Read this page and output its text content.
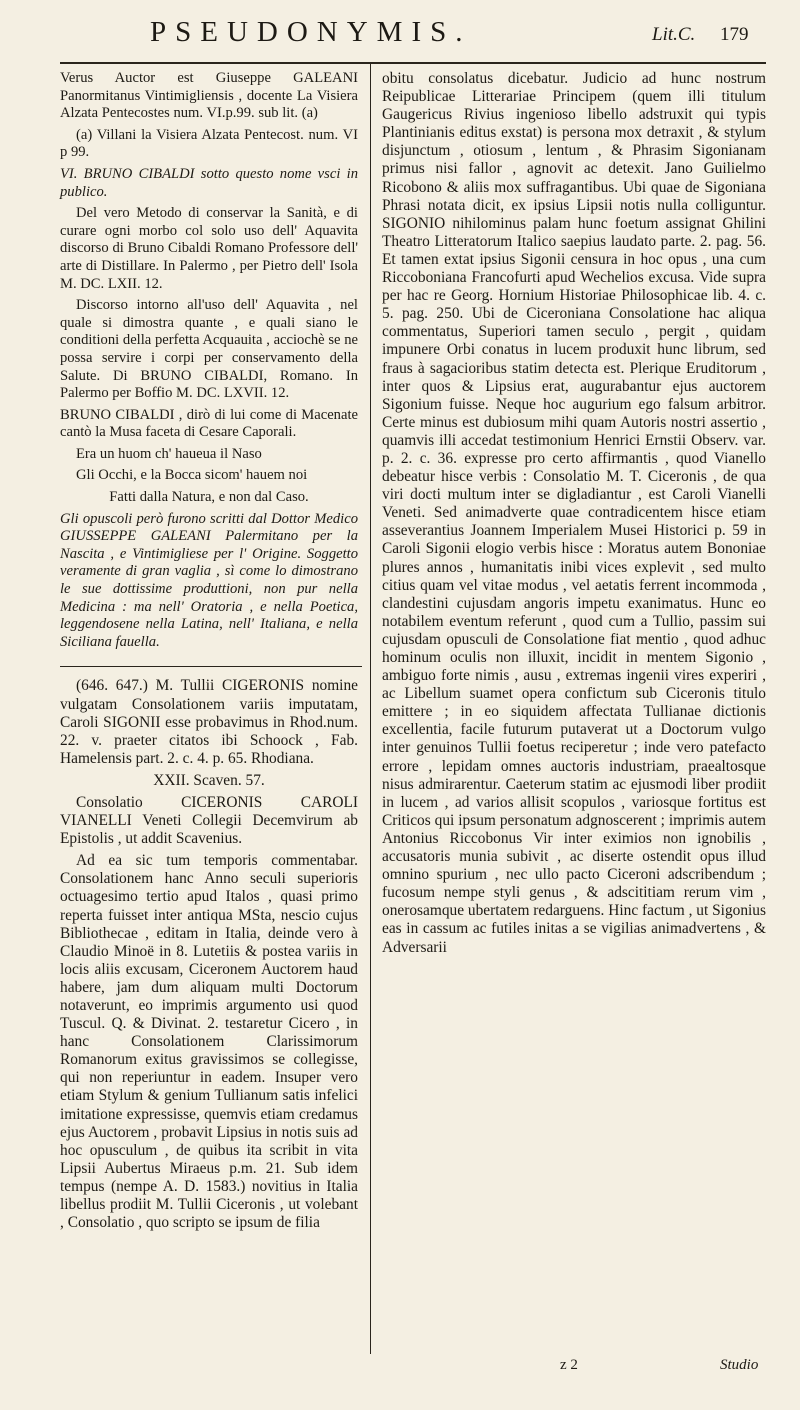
PSEUDONYMIS.	Lit.C. 179

Verus Auctor est Giuseppe GALEANI Panormitanus Vintimigliensis , docente La Visiera Alzata Pentecostes num. VI.p.99. sub lit. (a)

(a) Villani la Visiera Alzata Pentecost. num. VI p 99.

VI. BRUNO CIBALDI sotto questo nome vsci in publico.

Del vero Metodo di conservar la Sanità, e di curare ogni morbo col solo uso dell' Aquavita discorso di Bruno Cibaldi Romano Professore dell' arte di Distillare. In Palermo , per Pietro dell' Isola M. DC. LXII. 12.

Discorso intorno all'uso dell' Aquavita , nel quale si dimostra quante , e quali siano le conditioni della perfetta Acquauita , acciochè se ne possa servire i corpi per conservamento della Salute. Di BRUNO CIBALDI, Romano. In Palermo per Boffio M. DC. LXVII. 12.

BRUNO CIBALDI , dirò di lui come di Macenate cantò la Musa faceta di Cesare Caporali.

Era un huom ch' haueua il Naso

Gli Occhi, e la Bocca sicom' hauem noi

Fatti dalla Natura, e non dal Caso.

Gli opuscoli però furono scritti dal Dottor Medico GIUSSEPPE GALEANI Palermitano per la Nascita , e Vintimigliese per l' Origine. Soggetto veramente di gran vaglia , sì come lo dimostrano le sue dottissime produttioni, non pur nella Medicina : ma nell' Oratoria , e nella Poetica, leggendosene nella Latina, nell' Italiana, e nella Siciliana fauella.

(646. 647.) M. Tullii CIGERONIS nomine vulgatam Consolationem variis imputatam, Caroli SIGONII esse probavimus in Rhod.num. 22. v. praeter citatos ibi Schoock , Fab. Hamelensis part. 2. c. 4. p. 65. Rhodiana.

XXII. Scaven. 57.

Consolatio CICERONIS CAROLI VIANELLI Veneti Collegii Decemvirum ab Epistolis , ut addit Scavenius.

Ad ea sic tum temporis commentabar. Consolationem hanc Anno seculi superioris octuagesimo tertio apud Italos , quasi primo reperta fuisset inter antiqua MSta, nescio cujus Bibliothecae , editam in Italia, deinde vero à Claudio Minoë in 8. Lutetiis & postea variis in locis aliis excusam, Ciceronem Auctorem haud habere, jam dum aliquam multi Doctorum notaverunt, eo imprimis argumento usi quod Tuscul. Q. & Divinat. 2. testaretur Cicero , in hanc Consolationem Clarissimorum Romanorum exitus gravissimos se collegisse, qui non reperiuntur in eadem. Insuper vero etiam Stylum & genium Tullianum satis infelici imitatione expressisse, quemvis etiam credamus ejus Auctorem , probavit Lipsius in notis suis ad hoc opusculum , de quibus ita scribit in vita Lipsii Aubertus Miraeus p.m. 21. Sub idem tempus (nempe A. D. 1583.) novitius in Italia libellus prodiit M. Tullii Ciceronis , ut volebant , Consolatio , quo scripto se ipsum de filia

obitu consolatus dicebatur. Judicio ad hunc nostrum Reipublicae Litterariae Principem (quem illi titulum Gaugericus Rivius ingenioso libello adstruxit qui typis Plantinianis editus exstat) is persona mox detraxit , & stylum disjunctum , otiosum , lentum , & Phrasim Sigonianam primus nisi fallor , agnovit ac detexit. Jano Guilielmo Ricobono & aliis mox suffragantibus. Ubi quae de Sigoniana Phrasi notata dicit, ex ipsius Lipsii notis nulla colliguntur. SIGONIO nihilominus palam hunc foetum assignat Ghilini Theatro Litteratorum Italico saepius laudato parte. 2. pag. 56. Et tamen extat ipsius Sigonii censura in hoc opus , una cum Riccoboniana Francofurti apud Wechelios excusa. Vide supra per hac re Georg. Hornium Historiae Philosophicae lib. 4. c. 5. pag. 250. Ubi de Ciceroniana Consolatione hac aliqua commentatus, Superiori tamen seculo , pergit , quidam impunere Orbi conatus in lucem produxit hunc librum, sed fraus à sagacioribus statim detecta est. Plerique Eruditorum , inter quos & Lipsius erat, augurabantur ejus auctorem Sigonium fuisse. Neque hoc augurium ego falsum arbitror. Certe minus est dubiosum mihi quam Autoris nostri assertio , quamvis illi accedat testimonium Henrici Ernstii Observ. var. p. 2. c. 36. expresse pro certo affirmantis , quod Vianello debeatur hisce verbis : Consolatio M. T. Ciceronis , de qua viri docti multum inter se digladiantur , est Caroli Vianelli Veneti. Sed animadverte quae contradicentem hisce etiam asseverantius Joannem Imperialem Musei Historici p. 59 in Caroli Sigonii elogio verbis hisce : Moratus autem Bononiae plures annos , humanitatis inibi vices explevit , sed multo citius quam vel vitae modus , vel aetatis ferrent incommoda , clandestini cujusdam angoris impetu exanimatus. Hunc eo notabilem eventum referunt , quod cum a Tullio, passim sui cujusdam opusculi de Consolatione fiat mentio , quod adhuc hominum oculis non illuxit, incidit in mentem Sigonio , ambiguo forte nimis , ausu , extremas ingenii vires experiri , ac Libellum suamet opera confictum sub Ciceronis titulo emittere ; in eo siquidem affectata Tullianae dictionis excellentia, facile futurum putaverat ut a Doctorum vulgo inter genuinos Tullii foetus reciperetur ; inde vero patefacto errore , lepidam omnes auctoris industriam, praealtosque nisus admirarentur. Caeterum statim ac ejusmodi liber prodiit in lucem , ad varios allisit scopulos , variosque fortitus est Criticos qui ipsum personatum adgnoscerent ; imprimis autem Antonius Riccobonus Vir inter eximios non ignobilis , accusatoris munia subivit , ac diserte ostendit opus illud omnino spurium , nec ullo pacto Ciceroni adscribendum ; fucosum nempe styli genus , & adscititiam rerum vim , onerosamque ubertatem redarguens. Hinc factum , ut Sigonius eas in cassum ac futiles initas a se vigilias animadvertens , & Adversarii

z 2	Studio
